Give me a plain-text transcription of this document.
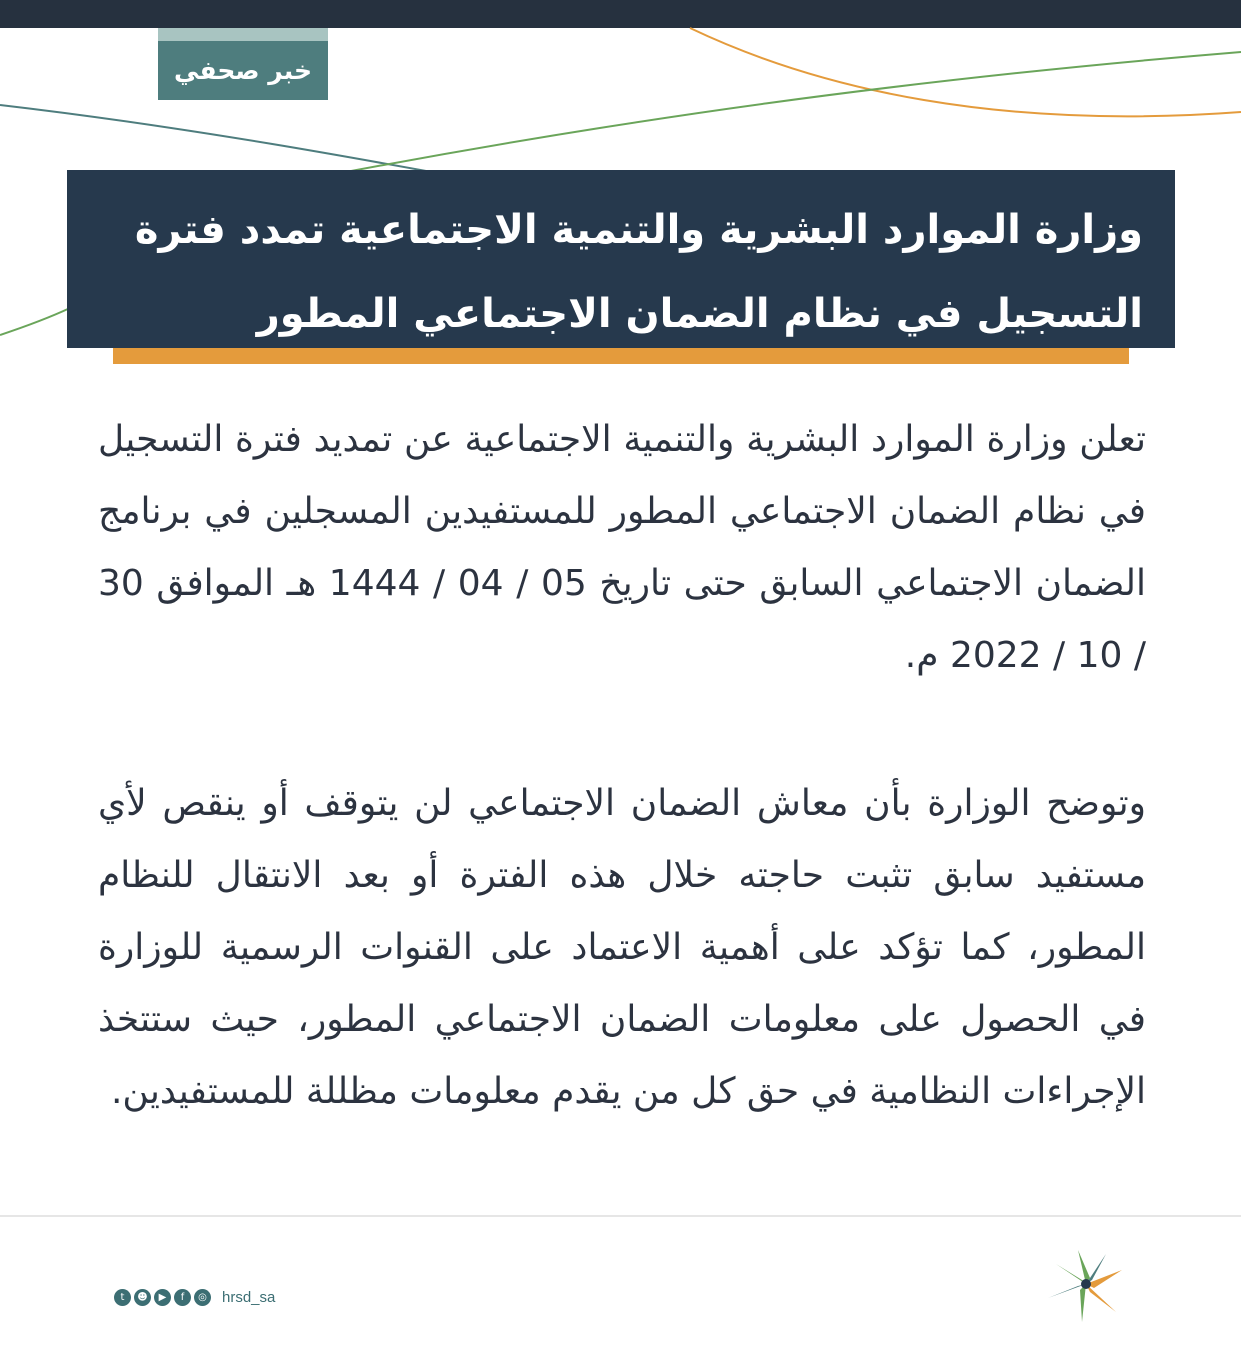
خبر صحفي

وزارة الموارد البشرية والتنمية الاجتماعية تمدد فترة

التسجيل في نظام الضمان الاجتماعي المطور

تعلن وزارة الموارد البشرية والتنمية الاجتماعية عن تمديد فترة التسجيل في نظام الضمان الاجتماعي المطور للمستفيدين المسجلين في برنامج الضمان الاجتماعي السابق حتى تاريخ 05 / 04 / 1444 هـ الموافق 30 / 10 / 2022 م.

وتوضح الوزارة بأن معاش الضمان الاجتماعي لن يتوقف أو ينقص لأي مستفيد سابق تثبت حاجته خلال هذه الفترة أو بعد الانتقال للنظام المطور، كما تؤكد على أهمية الاعتماد على القنوات الرسمية للوزارة في الحصول على معلومات الضمان الاجتماعي المطور، حيث ستتخذ الإجراءات النظامية في حق كل من يقدم معلومات مظللة للمستفيدين.

t	☻	▶	f	◎ hrsd_sa
